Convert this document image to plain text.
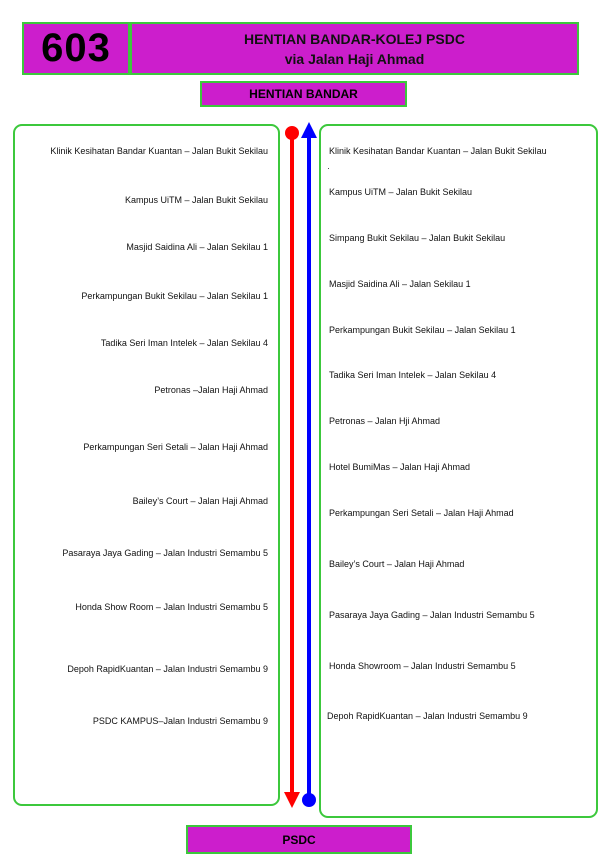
603	HENTIAN BANDAR-KOLEJ PSDC
via Jalan Haji Ahmad
HENTIAN BANDAR
Klinik Kesihatan Bandar Kuantan – Jalan Bukit Sekilau
Kampus UiTM – Jalan Bukit Sekilau
Masjid Saidina Ali – Jalan Sekilau 1
Perkampungan Bukit Sekilau – Jalan Sekilau 1
Tadika Seri Iman Intelek – Jalan Sekilau 4
Petronas –Jalan Haji Ahmad
Perkampungan Seri Setali – Jalan Haji Ahmad
Bailey’s Court – Jalan Haji Ahmad
Pasaraya Jaya Gading – Jalan Industri Semambu 5
Honda Show Room – Jalan Industri Semambu 5
Depoh RapidKuantan – Jalan Industri Semambu 9
PSDC KAMPUS–Jalan Industri Semambu 9
Klinik Kesihatan Bandar Kuantan – Jalan Bukit Sekilau
·
Kampus UiTM – Jalan Bukit Sekilau
Simpang Bukit Sekilau – Jalan Bukit Sekilau
Masjid Saidina Ali – Jalan Sekilau 1
Perkampungan Bukit Sekilau – Jalan Sekilau 1
Tadika Seri Iman Intelek – Jalan Sekilau 4
Petronas – Jalan Hji Ahmad
Hotel BumiMas – Jalan Haji Ahmad
Perkampungan Seri Setali – Jalan Haji Ahmad
Bailey’s Court – Jalan Haji Ahmad
Pasaraya Jaya Gading – Jalan Industri Semambu 5
Honda Showroom – Jalan Industri Semambu 5
Depoh RapidKuantan – Jalan Industri Semambu 9
PSDC
